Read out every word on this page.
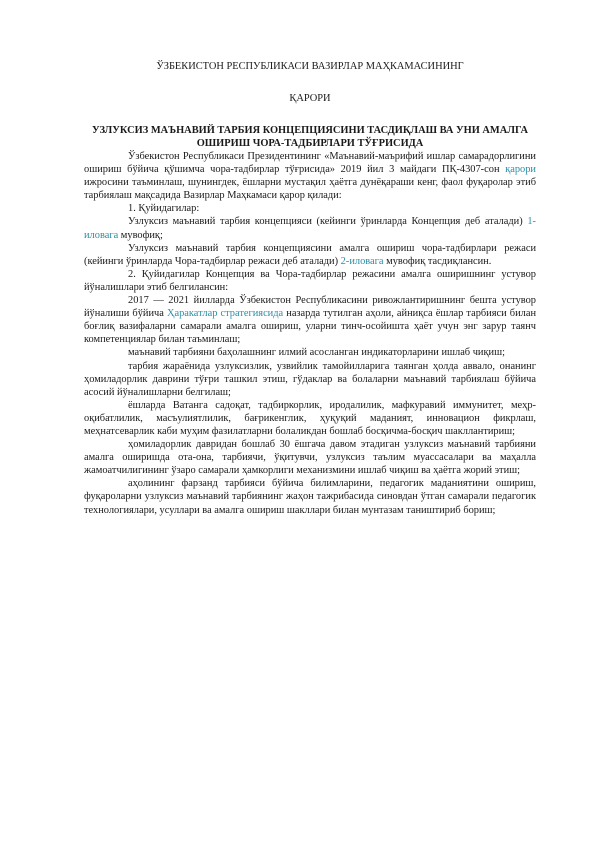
ЎЗБЕКИСТОН РЕСПУБЛИКАСИ ВАЗИРЛАР МАҲКАМАСИНИНГ

ҚАРОРИ

УЗЛУКСИЗ МАЪНАВИЙ ТАРБИЯ КОНЦЕПЦИЯСИНИ ТАСДИҚЛАШ ВА УНИ АМАЛГА ОШИРИШ ЧОРА-ТАДБИРЛАРИ ТЎҒРИСИДА

Ўзбекистон Республикаси Президентининг «Маънавий-маърифий ишлар самарадорлигини ошириш бўйича қўшимча чора-тадбирлар тўғрисида» 2019 йил 3 майдаги ПҚ-4307-сон қарори ижросини таъминлаш, шунингдек, ёшларни мустақил ҳаётга дунёқараши кенг, фаол фуқаролар этиб тарбиялаш мақсадида Вазирлар Маҳкамаси қарор қилади:

1. Қуйидагилар:

Узлуксиз маънавий тарбия концепцияси (кейинги ўринларда Концепция деб аталади) 1-иловага мувофиқ;

Узлуксиз маънавий тарбия концепциясини амалга ошириш чора-тадбирлари режаси (кейинги ўринларда Чора-тадбирлар режаси деб аталади) 2-иловага мувофиқ тасдиқлансин.

2. Қуйидагилар Концепция ва Чора-тадбирлар режасини амалга оширишнинг устувор йўналишлари этиб белгилансин:

2017 — 2021 йилларда Ўзбекистон Республикасини ривожлантиришнинг бешта устувор йўналиши бўйича Ҳаракатлар стратегиясида назарда тутилган аҳоли, айниқса ёшлар тарбияси билан боғлиқ вазифаларни самарали амалга ошириш, уларни тинч-осойишта ҳаёт учун энг зарур таянч компетенциялар билан таъминлаш;

маънавий тарбияни баҳолашнинг илмий асосланган индикаторларини ишлаб чиқиш;

тарбия жараёнида узлуксизлик, узвийлик тамойилларига таянган ҳолда аввало, онанинг ҳомиладорлик даврини тўғри ташкил этиш, гўдаклар ва болаларни маънавий тарбиялаш бўйича асосий йўналишларни белгилаш;

ёшларда Ватанга садоқат, тадбиркорлик, иродалилик, мафкуравий иммунитет, меҳр-оқибатлилик, масъулиятлилик, бағрикенглик, ҳуқуқий маданият, инновацион фикрлаш, меҳнатсеварлик каби муҳим фазилатларни болаликдан бошлаб босқичма-босқич шакллантириш;

ҳомиладорлик давридан бошлаб 30 ёшгача давом этадиган узлуксиз маънавий тарбияни амалга оширишда ота-она, тарбиячи, ўқитувчи, узлуксиз таълим муассасалари ва маҳалла жамоатчилигининг ўзаро самарали ҳамкорлиги механизмини ишлаб чиқиш ва ҳаётга жорий этиш;

аҳолининг фарзанд тарбияси бўйича билимларини, педагогик маданиятини ошириш, фуқароларни узлуксиз маънавий тарбиянинг жаҳон тажрибасида синовдан ўтган самарали педагогик технологиялари, усуллари ва амалга ошириш шакллари билан мунтазам таништириб бориш;
